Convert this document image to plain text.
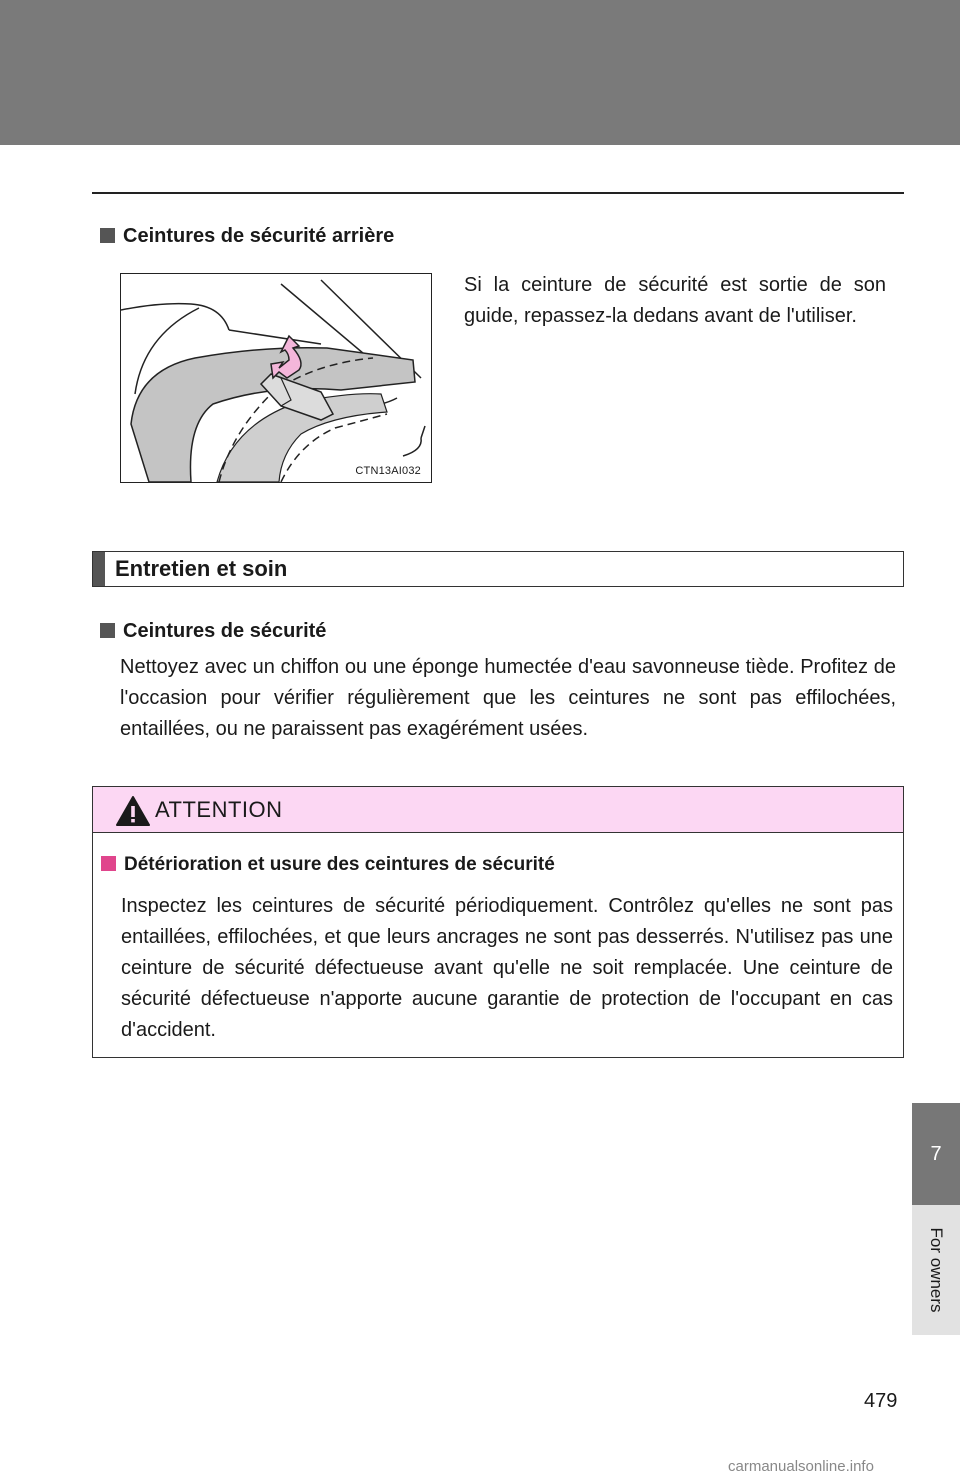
Ceintures de sécurité arrière
CTN13AI032
Si la ceinture de sécurité est sortie de son guide, repassez-la dedans avant de l'utiliser.
Entretien et soin
Ceintures de sécurité
Nettoyez avec un chiffon ou une éponge humectée d'eau savonneuse tiède. Profitez de l'occasion pour vérifier régulièrement que les ceintures ne sont pas effilochées, entaillées, ou ne paraissent pas exagérément usées.
ATTENTION
Détérioration et usure des ceintures de sécurité
Inspectez les ceintures de sécurité périodiquement. Contrôlez qu'elles ne sont pas entaillées, effilochées, et que leurs ancrages ne sont pas desserrés. N'utilisez pas une ceinture de sécurité défectueuse avant qu'elle ne soit remplacée. Une ceinture de sécurité défectueuse n'apporte aucune garantie de protection de l'occupant en cas d'accident.
7
For owners
479
carmanualsonline.info
